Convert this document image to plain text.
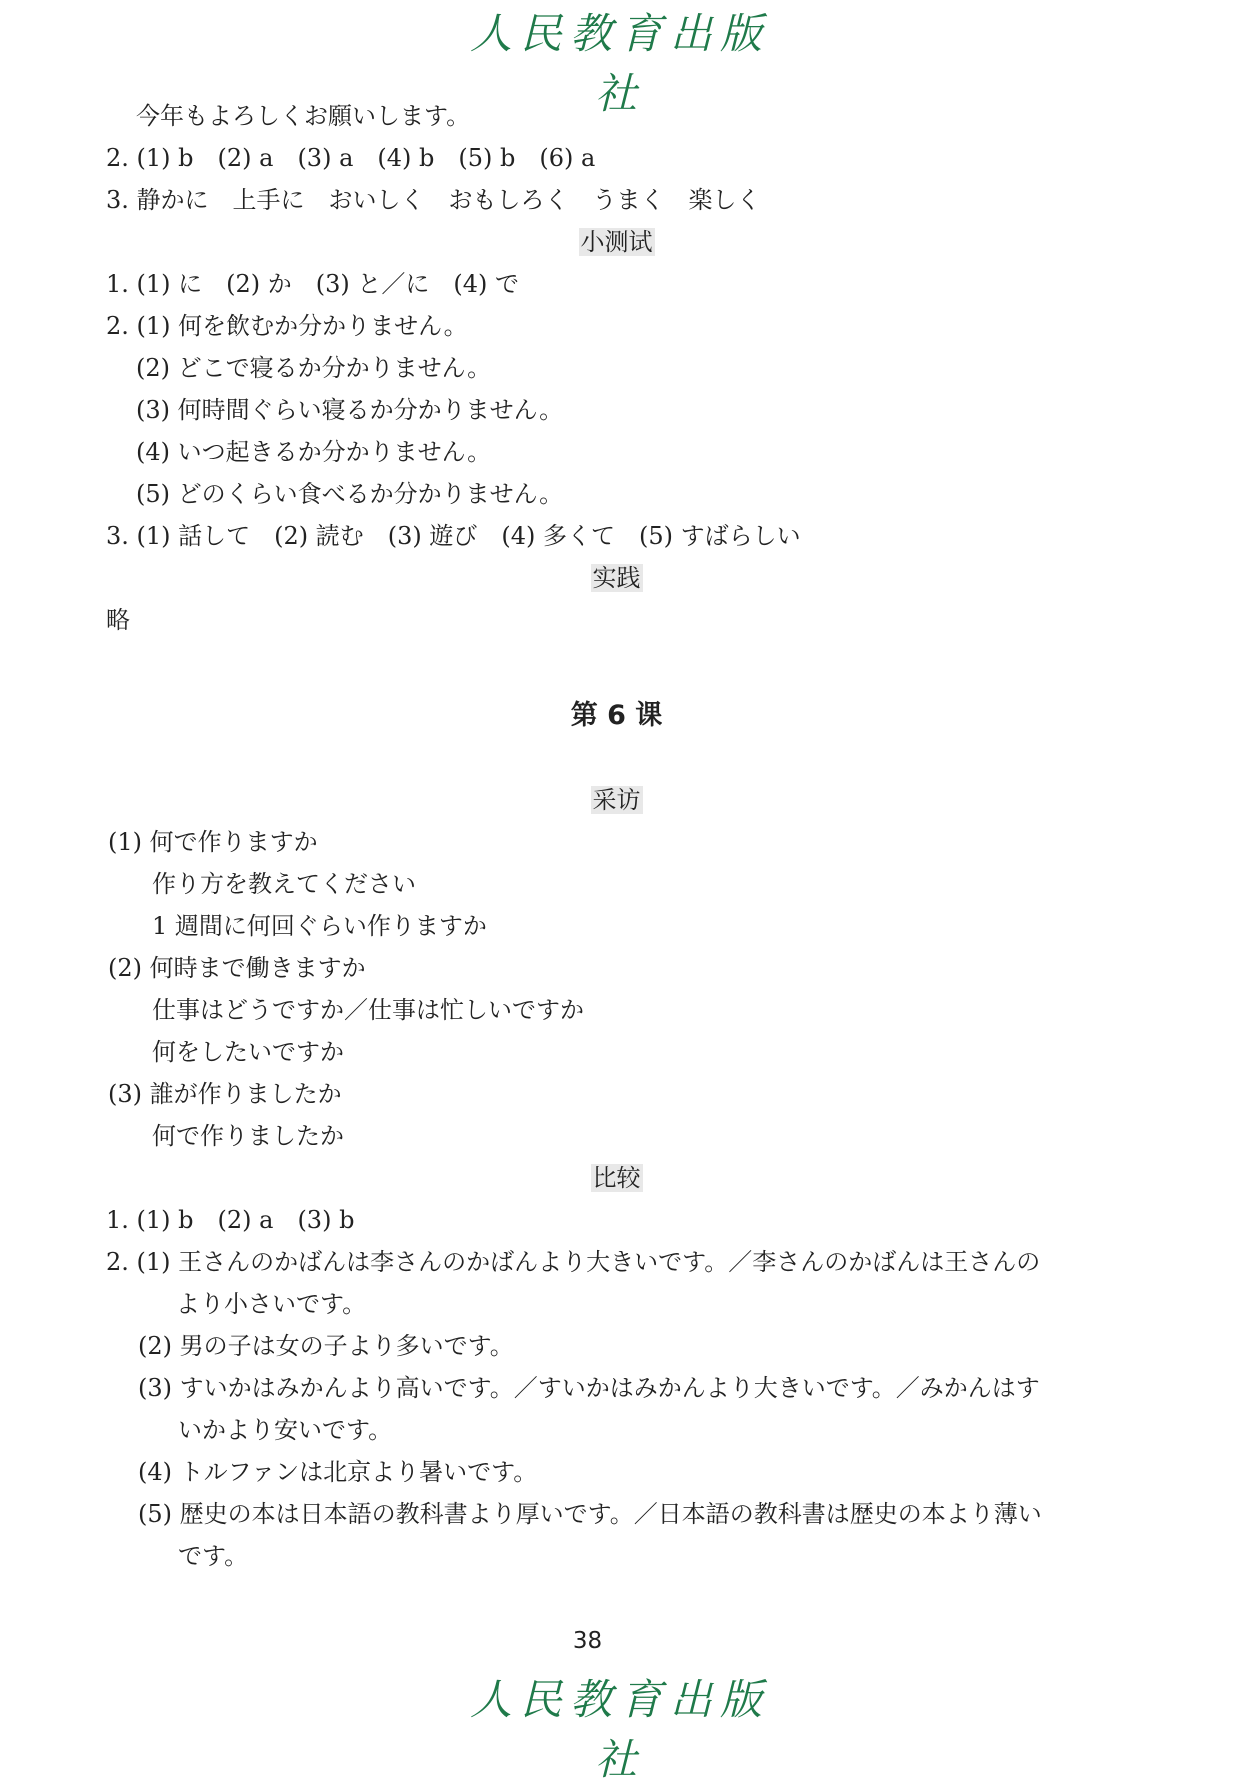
人民教育出版社
今年もよろしくお願いします。
2. (1) b　(2) a　(3) a　(4) b　(5) b　(6) a
3. 静かに　上手に　おいしく　おもしろく　うまく　楽しく
小测试
1. (1) に　(2) か　(3) と／に　(4) で
2. (1) 何を飲むか分かりません。
(2) どこで寝るか分かりません。
(3) 何時間ぐらい寝るか分かりません。
(4) いつ起きるか分かりません。
(5) どのくらい食べるか分かりません。
3. (1) 話して　(2) 読む　(3) 遊び　(4) 多くて　(5) すばらしい
实践
略
第 6 课
采访
(1) 何で作りますか
作り方を教えてください
1 週間に何回ぐらい作りますか
(2) 何時まで働きますか
仕事はどうですか／仕事は忙しいですか
何をしたいですか
(3) 誰が作りましたか
何で作りましたか
比较
1. (1) b　(2) a　(3) b
2. (1) 王さんのかばんは李さんのかばんより大きいです。／李さんのかばんは王さんの
より小さいです。
(2) 男の子は女の子より多いです。
(3) すいかはみかんより高いです。／すいかはみかんより大きいです。／みかんはす
いかより安いです。
(4) トルファンは北京より暑いです。
(5) 歴史の本は日本語の教科書より厚いです。／日本語の教科書は歴史の本より薄い
です。
38
人民教育出版社
